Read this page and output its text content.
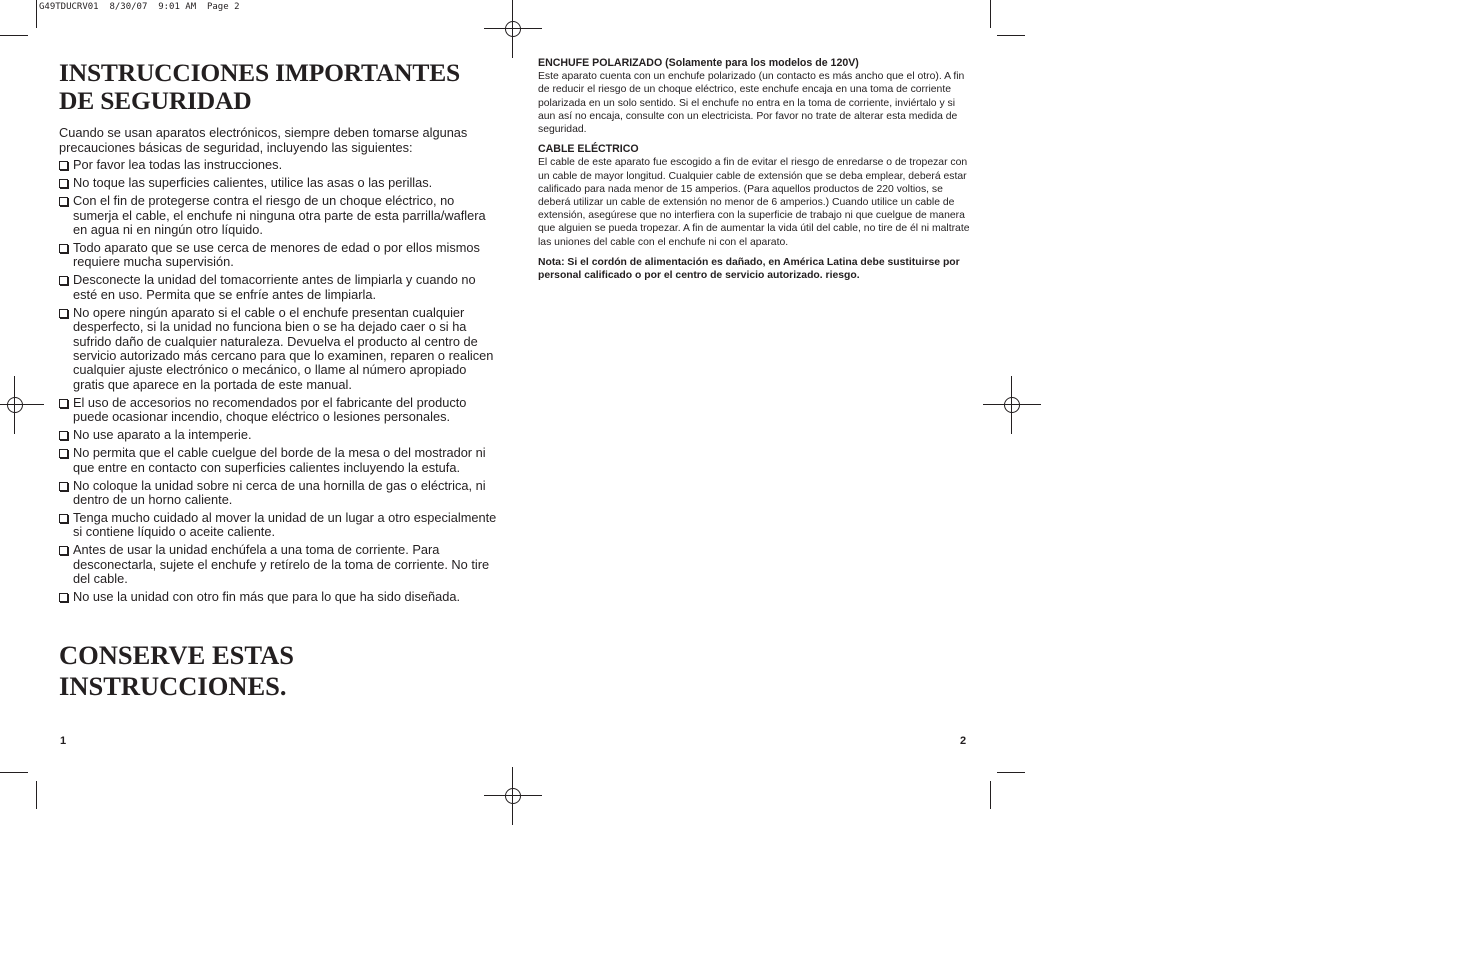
G49TDUCRV01  8/30/07  9:01 AM  Page 2
INSTRUCCIONES IMPORTANTES
DE SEGURIDAD

Cuando se usan aparatos electrónicos, siempre deben tomarse algunas precauciones básicas de seguridad, incluyendo las siguientes:

Por favor lea todas las instrucciones.
No toque las superficies calientes, utilice las asas o las perillas.
Con el fin de protegerse contra el riesgo de un choque eléctrico, no sumerja el cable, el enchufe ni ninguna otra parte de esta parrilla/waflera en agua ni en ningún otro líquido.
Todo aparato que se use cerca de menores de edad o por ellos mismos requiere mucha supervisión.
Desconecte la unidad del tomacorriente antes de limpiarla y cuando no esté en uso. Permita que se enfríe antes de limpiarla.
No opere ningún aparato si el cable o el enchufe presentan cualquier desperfecto, si la unidad no funciona bien o se ha dejado caer o si ha sufrido daño de cualquier naturaleza. Devuelva el producto al centro de servicio autorizado más cercano para que lo examinen, reparen o realicen cualquier ajuste electrónico o mecánico, o llame al número apropiado gratis que aparece en la portada de este manual.
El uso de accesorios no recomendados por el fabricante del producto puede ocasionar incendio, choque eléctrico o lesiones personales.
No use aparato a la intemperie.
No permita que el cable cuelgue del borde de la mesa o del mostrador ni que entre en contacto con superficies calientes incluyendo la estufa.
No coloque la unidad sobre ni cerca de una hornilla de gas o eléctrica, ni dentro de un horno caliente.
Tenga mucho cuidado al mover la unidad de un lugar a otro especialmente si contiene líquido o aceite caliente.
Antes de usar la unidad enchúfela a una toma de corriente. Para desconectarla, sujete el enchufe y retírelo de la toma de corriente. No tire del cable.
No use la unidad con otro fin más que para lo que ha sido diseñada.
CONSERVE ESTAS
INSTRUCCIONES.
1
ENCHUFE POLARIZADO (Solamente para los modelos de 120V)

Este aparato cuenta con un enchufe polarizado (un contacto es más ancho que el otro). A fin de reducir el riesgo de un choque eléctrico, este enchufe encaja en una toma de corriente polarizada en un solo sentido. Si el enchufe no entra en la toma de corriente, inviértalo y si aun así no encaja, consulte con un electricista. Por favor no trate de alterar esta medida de seguridad.

CABLE ELÉCTRICO

El cable de este aparato fue escogido a fin de evitar el riesgo de enredarse o de tropezar con un cable de mayor longitud. Cualquier cable de extensión que se deba emplear, deberá estar calificado para nada menor de 15 amperios. (Para aquellos productos de 220 voltios, se deberá utilizar un cable de extensión no menor de 6 amperios.) Cuando utilice un cable de extensión, asegúrese que no interfiera con la superficie de trabajo ni que cuelgue de manera que alguien se pueda tropezar. A fin de aumentar la vida útil del cable, no tire de él ni maltrate las uniones del cable con el enchufe ni con el aparato.

Nota: Si el cordón de alimentación es dañado, en América Latina debe sustituirse por personal calificado o por el centro de servicio autorizado. riesgo.

2
